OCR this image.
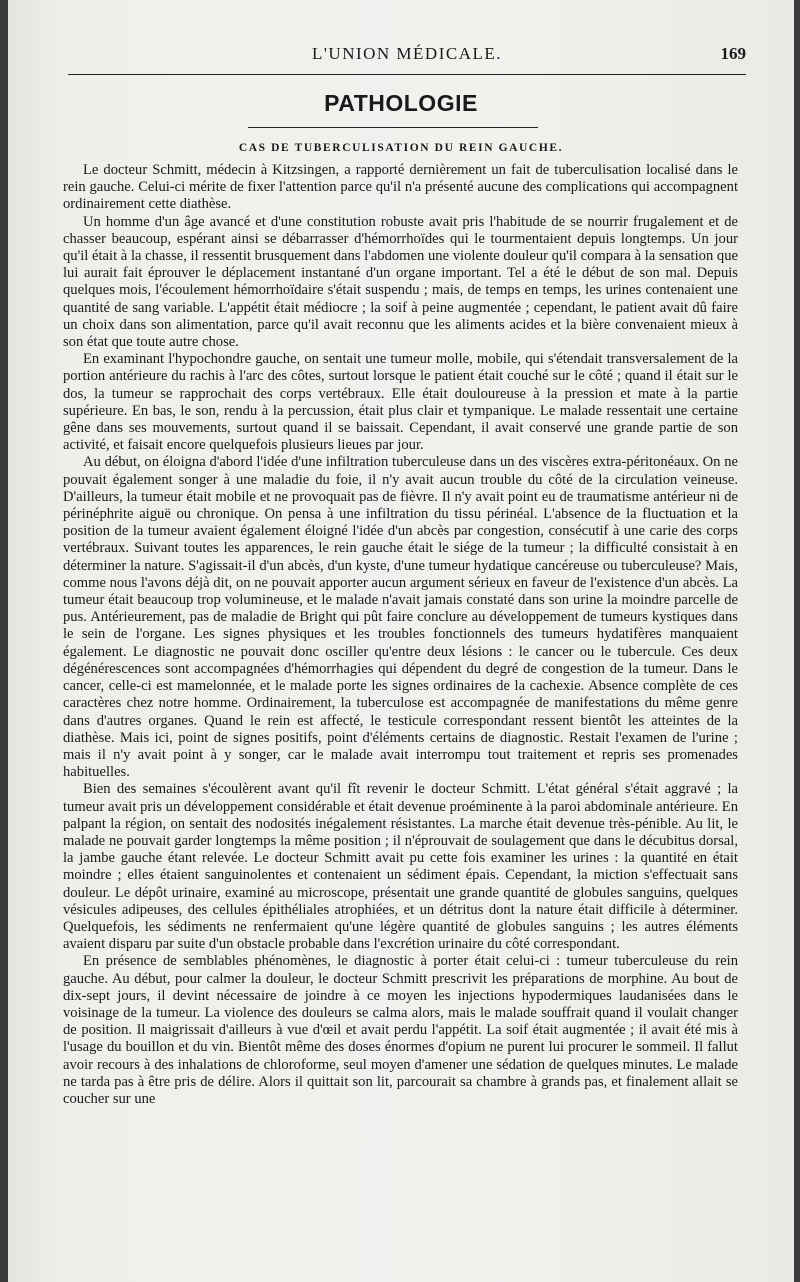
L'UNION MÉDICALE.	169
PATHOLOGIE
CAS DE TUBERCULISATION DU REIN GAUCHE.

Le docteur Schmitt, médecin à Kitzsingen, a rapporté dernièrement un fait de tuberculisation localisé dans le rein gauche. Celui-ci mérite de fixer l'attention parce qu'il n'a présenté aucune des complications qui accompagnent ordinairement cette diathèse.

Un homme d'un âge avancé et d'une constitution robuste avait pris l'habitude de se nourrir frugalement et de chasser beaucoup, espérant ainsi se débarrasser d'hémorrhoïdes qui le tourmentaient depuis longtemps. Un jour qu'il était à la chasse, il ressentit brusquement dans l'abdomen une violente douleur qu'il compara à la sensation que lui aurait fait éprouver le déplacement instantané d'un organe important. Tel a été le début de son mal. Depuis quelques mois, l'écoulement hémorrhoïdaire s'était suspendu ; mais, de temps en temps, les urines contenaient une quantité de sang variable. L'appétit était médiocre ; la soif à peine augmentée ; cependant, le patient avait dû faire un choix dans son alimentation, parce qu'il avait reconnu que les aliments acides et la bière convenaient mieux à son état que toute autre chose.

En examinant l'hypochondre gauche, on sentait une tumeur molle, mobile, qui s'étendait transversalement de la portion antérieure du rachis à l'arc des côtes, surtout lorsque le patient était couché sur le côté ; quand il était sur le dos, la tumeur se rapprochait des corps vertébraux. Elle était douloureuse à la pression et mate à la partie supérieure. En bas, le son, rendu à la percussion, était plus clair et tympanique. Le malade ressentait une certaine gêne dans ses mouvements, surtout quand il se baissait. Cependant, il avait conservé une grande partie de son activité, et faisait encore quelquefois plusieurs lieues par jour.

Au début, on éloigna d'abord l'idée d'une infiltration tuberculeuse dans un des viscères extra-péritonéaux. On ne pouvait également songer à une maladie du foie, il n'y avait aucun trouble du côté de la circulation veineuse. D'ailleurs, la tumeur était mobile et ne provoquait pas de fièvre. Il n'y avait point eu de traumatisme antérieur ni de périnéphrite aiguë ou chronique. On pensa à une infiltration du tissu périnéal. L'absence de la fluctuation et la position de la tumeur avaient également éloigné l'idée d'un abcès par congestion, consécutif à une carie des corps vertébraux. Suivant toutes les apparences, le rein gauche était le siége de la tumeur ; la difficulté consistait à en déterminer la nature. S'agissait-il d'un abcès, d'un kyste, d'une tumeur hydatique cancéreuse ou tuberculeuse? Mais, comme nous l'avons déjà dit, on ne pouvait apporter aucun argument sérieux en faveur de l'existence d'un abcès. La tumeur était beaucoup trop volumineuse, et le malade n'avait jamais constaté dans son urine la moindre parcelle de pus. Antérieurement, pas de maladie de Bright qui pût faire conclure au développement de tumeurs kystiques dans le sein de l'organe. Les signes physiques et les troubles fonctionnels des tumeurs hydatifères manquaient également. Le diagnostic ne pouvait donc osciller qu'entre deux lésions : le cancer ou le tubercule. Ces deux dégénérescences sont accompagnées d'hémorrhagies qui dépendent du degré de congestion de la tumeur. Dans le cancer, celle-ci est mamelonnée, et le malade porte les signes ordinaires de la cachexie. Absence complète de ces caractères chez notre homme. Ordinairement, la tuberculose est accompagnée de manifestations du même genre dans d'autres organes. Quand le rein est affecté, le testicule correspondant ressent bientôt les atteintes de la diathèse. Mais ici, point de signes positifs, point d'éléments certains de diagnostic. Restait l'examen de l'urine ; mais il n'y avait point à y songer, car le malade avait interrompu tout traitement et repris ses promenades habituelles.

Bien des semaines s'écoulèrent avant qu'il fît revenir le docteur Schmitt. L'état général s'était aggravé ; la tumeur avait pris un développement considérable et était devenue proéminente à la paroi abdominale antérieure. En palpant la région, on sentait des nodosités inégalement résistantes. La marche était devenue très-pénible. Au lit, le malade ne pouvait garder longtemps la même position ; il n'éprouvait de soulagement que dans le décubitus dorsal, la jambe gauche étant relevée. Le docteur Schmitt avait pu cette fois examiner les urines : la quantité en était moindre ; elles étaient sanguinolentes et contenaient un sédiment épais. Cependant, la miction s'effectuait sans douleur. Le dépôt urinaire, examiné au microscope, présentait une grande quantité de globules sanguins, quelques vésicules adipeuses, des cellules épithéliales atrophiées, et un détritus dont la nature était difficile à déterminer. Quelquefois, les sédiments ne renfermaient qu'une légère quantité de globules sanguins ; les autres éléments avaient disparu par suite d'un obstacle probable dans l'excrétion urinaire du côté correspondant.

En présence de semblables phénomènes, le diagnostic à porter était celui-ci : tumeur tuberculeuse du rein gauche. Au début, pour calmer la douleur, le docteur Schmitt prescrivit les préparations de morphine. Au bout de dix-sept jours, il devint nécessaire de joindre à ce moyen les injections hypodermiques laudanisées dans le voisinage de la tumeur. La violence des douleurs se calma alors, mais le malade souffrait quand il voulait changer de position. Il maigrissait d'ailleurs à vue d'œil et avait perdu l'appétit. La soif était augmentée ; il avait été mis à l'usage du bouillon et du vin. Bientôt même des doses énormes d'opium ne purent lui procurer le sommeil. Il fallut avoir recours à des inhalations de chloroforme, seul moyen d'amener une sédation de quelques minutes. Le malade ne tarda pas à être pris de délire. Alors il quittait son lit, parcourait sa chambre à grands pas, et finalement allait se coucher sur une
